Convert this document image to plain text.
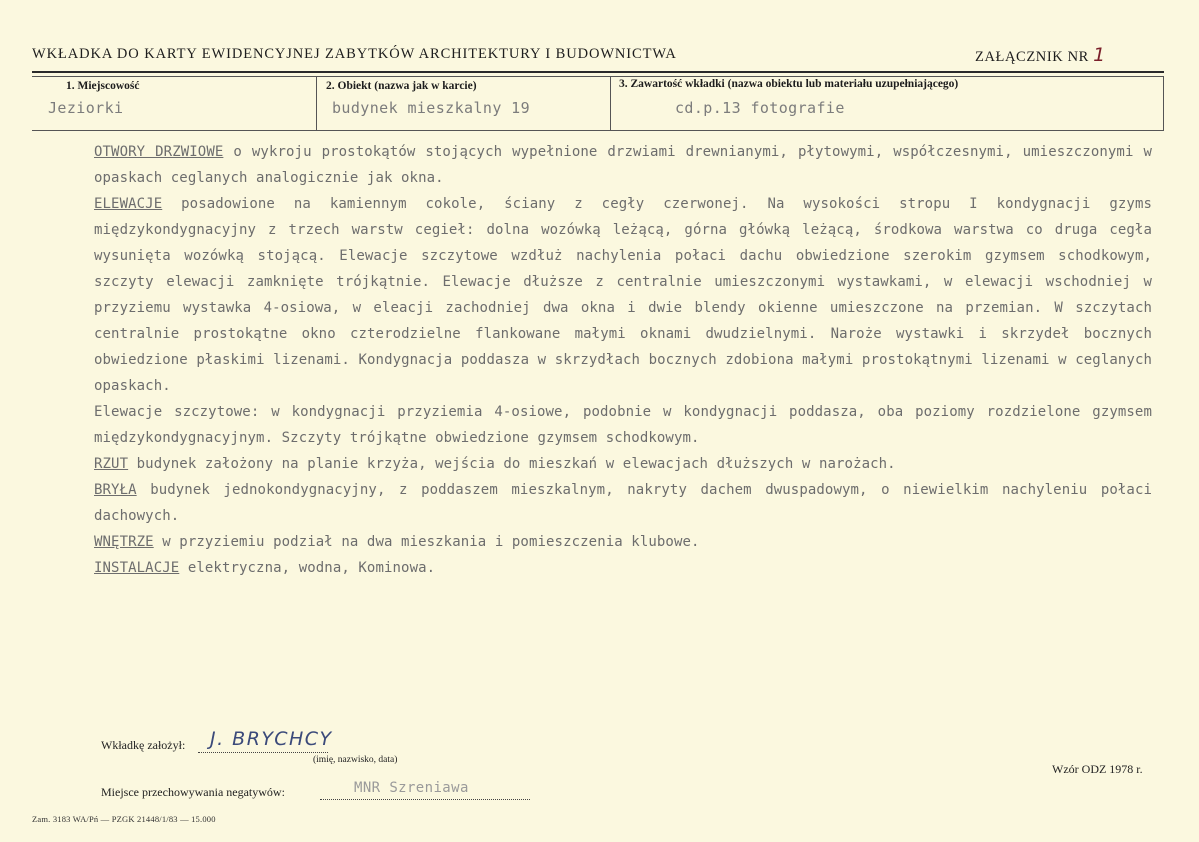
WKŁADKA DO KARTY EWIDENCYJNEJ ZABYTKÓW ARCHITEKTURY I BUDOWNICTWA	ZAŁĄCZNIK NR 1
1. Miejscowość
Jeziorki
2. Obiekt (nazwa jak w karcie)
budynek mieszkalny 19
3. Zawartość wkładki (nazwa obiektu lub materiału uzupełniającego)
cd.p.13 fotografie

OTWORY DRZWIOWE o wykroju prostokątów stojących wypełnione drzwiami drewnianymi, płytowymi, współczesnymi, umieszczonymi w opaskach ceglanych analogicznie jak okna.

ELEWACJE posadowione na kamiennym cokole, ściany z cegły czerwonej. Na wysokości stropu I kondygnacji gzyms międzykondygnacyjny z trzech warstw cegieł: dolna wozówką leżącą, górna główką leżącą, środkowa warstwa co druga cegła wysunięta wozówką stojącą. Elewacje szczytowe wzdłuż nachylenia połaci dachu obwiedzione szerokim gzymsem schodkowym, szczyty elewacji zamknięte trójkątnie. Elewacje dłuższe z centralnie umieszczonymi wystawkami, w elewacji wschodniej w przyziemu wystawka 4-osiowa, w eleacji zachodniej dwa okna i dwie blendy okienne umieszczone na przemian. W szczytach centralnie prostokątne okno czterodzielne flankowane małymi oknami dwudzielnymi. Naroże wystawki i skrzydeł bocznych obwiedzione płaskimi lizenami. Kondygnacja poddasza w skrzydłach bocznych zdobiona małymi prostokątnymi lizenami w ceglanych opaskach.

Elewacje szczytowe: w kondygnacji przyziemia 4-osiowe, podobnie w kondygnacji poddasza, oba poziomy rozdzielone gzymsem międzykondygnacyjnym. Szczyty trójkątne obwiedzione gzymsem schodkowym.

RZUT budynek założony na planie krzyża, wejścia do mieszkań w elewacjach dłuższych w narożach.

BRYŁA budynek jednokondygnacyjny, z poddaszem mieszkalnym, nakryty dachem dwuspadowym, o niewielkim nachyleniu połaci dachowych.

WNĘTRZE w przyziemiu podział na dwa mieszkania i pomieszczenia klubowe.

INSTALACJE elektryczna, wodna, Kominowa.

Wkładkę założył: J. BRYCHCY
(imię, nazwisko, data)
Miejsce przechowywania negatywów:	MNR Szreniawa
Wzór ODZ 1978 r.
Zam. 3183 WA/Pń — PZGK 21448/1/83 — 15.000
